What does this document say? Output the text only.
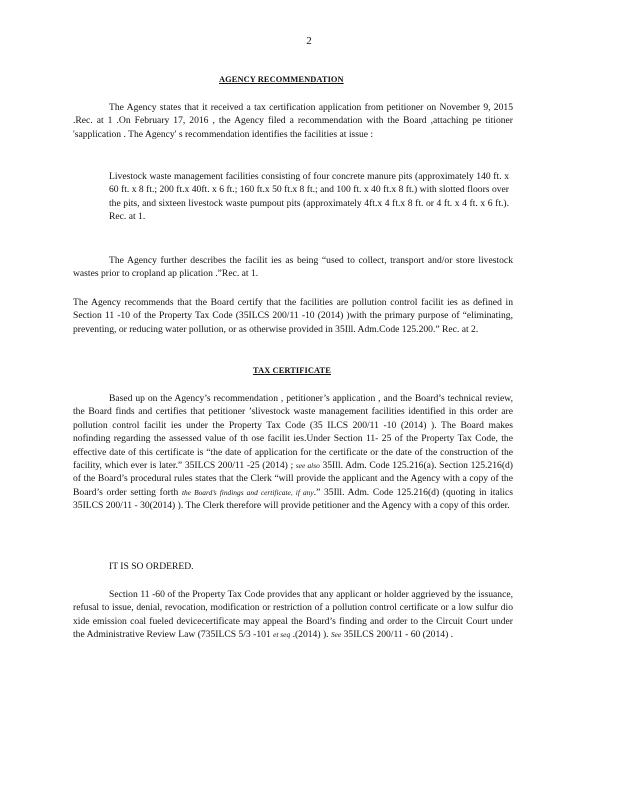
2
AGENCY RECOMMENDATION
The Agency states that it received a tax certification application from petitioner on November 9, 2015 .Rec. at 1 .On February 17, 2016 , the Agency filed a recommendation with the Board ,attaching pe titioner 'sapplication . The Agency' s recommendation identifies the facilities at issue :
Livestock waste management facilities consisting of four concrete manure pits (approximately 140 ft. x 60 ft. x 8 ft.; 200 ft.x 40ft. x 6 ft.; 160 ft.x 50 ft.x 8 ft.; and 100 ft. x 40 ft.x 8 ft.) with slotted floors over the pits, and sixteen livestock waste pumpout pits (approximately 4ft.x 4 ft.x 8 ft. or 4 ft. x 4 ft. x 6 ft.). Rec. at 1.
The Agency further describes the facilit ies as being “used to collect, transport and/or store livestock wastes prior to cropland ap plication .”Rec. at 1.
The Agency recommends that the Board certify that the facilities are pollution control facilit ies as defined in Section 11 -10 of the Property Tax Code (35ILCS 200/11 -10 (2014) )with the primary purpose of “eliminating, preventing, or reducing water pollution, or as otherwise provided in 35Ill. Adm.Code 125.200.” Rec. at 2.
TAX CERTIFICATE
Based up on the Agency’s recommendation , petitioner’s application , and the Board’s technical review, the Board finds and certifies that petitioner ’slivestock waste management facilities identified in this order are pollution control facilit ies under the Property Tax Code (35 ILCS 200/11 -10 (2014) ). The Board makes nofinding regarding the assessed value of th ose facilit ies.Under Section 11- 25 of the Property Tax Code, the effective date of this certificate is “the date of application for the certificate or the date of the construction of the facility, which ever is later.” 35ILCS 200/11 -25 (2014) ; see also 35Ill. Adm. Code 125.216(a). Section 125.216(d) of the Board’s procedural rules states that the Clerk “will provide the applicant and the Agency with a copy of the Board’s order setting forth the Board’s findings and certificate, if any.” 35Ill. Adm. Code 125.216(d) (quoting in italics 35ILCS 200/11 - 30(2014) ). The Clerk therefore will provide petitioner and the Agency with a copy of this order.
IT IS SO ORDERED.
Section 11 -60 of the Property Tax Code provides that any applicant or holder aggrieved by the issuance, refusal to issue, denial, revocation, modification or restriction of a pollution control certificate or a low sulfur dio xide emission coal fueled devicecertificate may appeal the Board’s finding and order to the Circuit Court under the Administrative Review Law (735ILCS 5/3 -101 et seq .(2014) ). See 35ILCS 200/11 - 60 (2014) .
